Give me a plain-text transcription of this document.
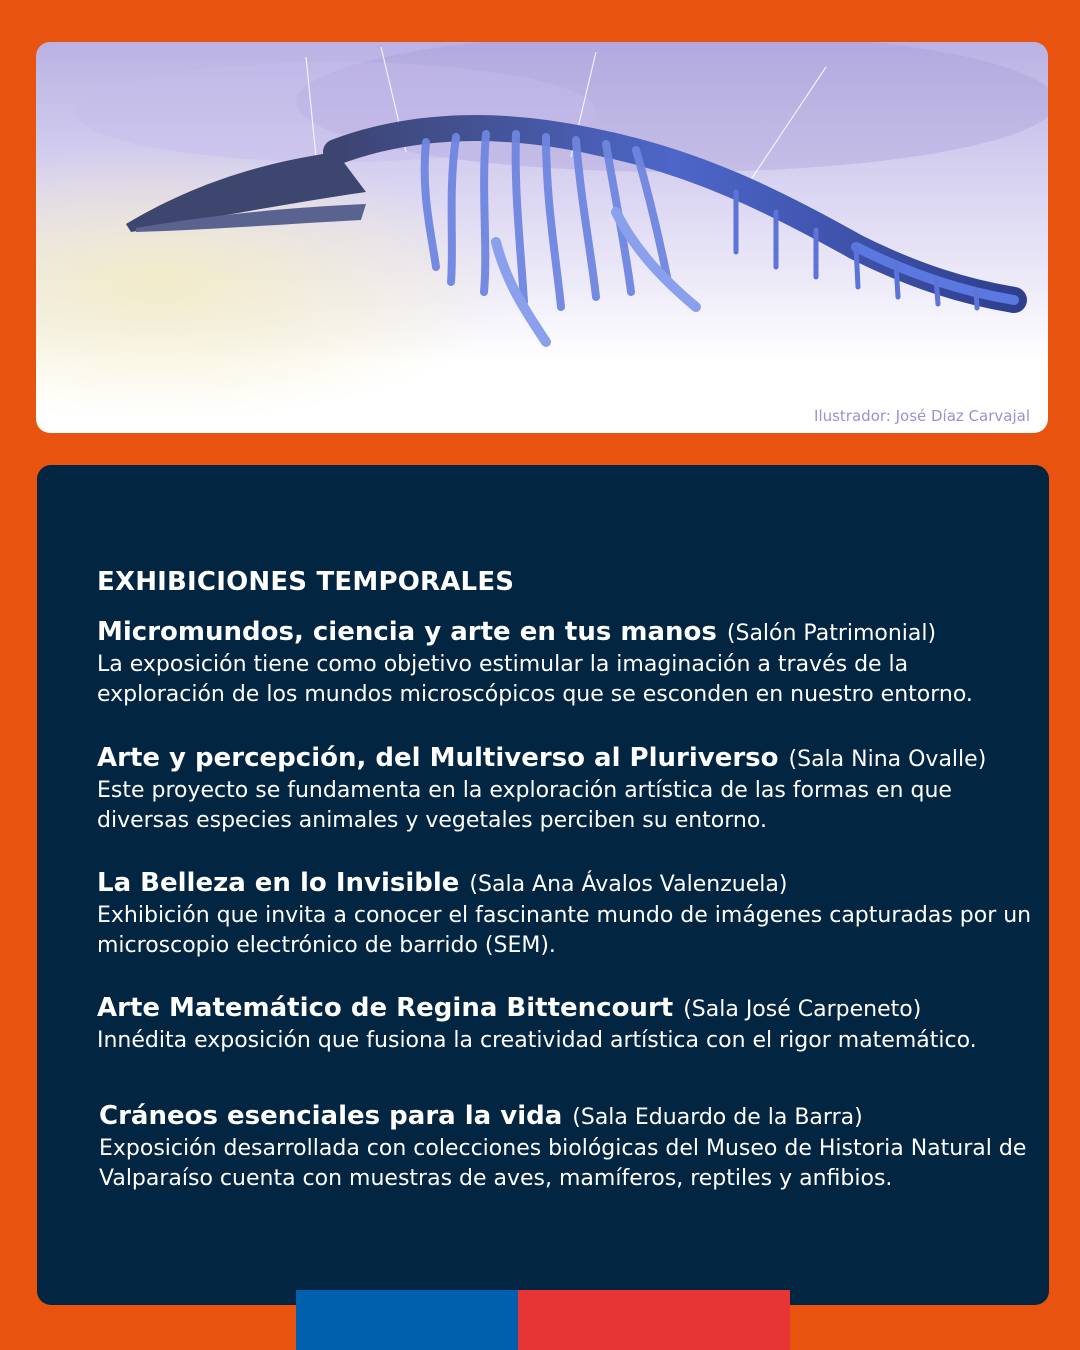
Ilustrador: José Díaz Carvajal
EXHIBICIONES TEMPORALES
Micromundos, ciencia y arte en tus manos (Salón Patrimonial)
La exposición tiene como objetivo estimular la imaginación a través de la exploración de los mundos microscópicos que se esconden en nuestro entorno.
Arte y percepción, del Multiverso al Pluriverso (Sala Nina Ovalle)
Este proyecto se fundamenta en la exploración artística de las formas en que diversas especies animales y vegetales perciben su entorno.
La Belleza en lo Invisible (Sala Ana Ávalos Valenzuela)
Exhibición que invita a conocer el fascinante mundo de imágenes capturadas por un microscopio electrónico de barrido (SEM).
Arte Matemático de Regina Bittencourt (Sala José Carpeneto)
Innédita exposición que fusiona la creatividad artística con el rigor matemático.
Cráneos esenciales para la vida (Sala Eduardo de la Barra)
Exposición desarrollada con colecciones biológicas del Museo de Historia Natural de Valparaíso cuenta con muestras de aves, mamíferos, reptiles y anfibios.
